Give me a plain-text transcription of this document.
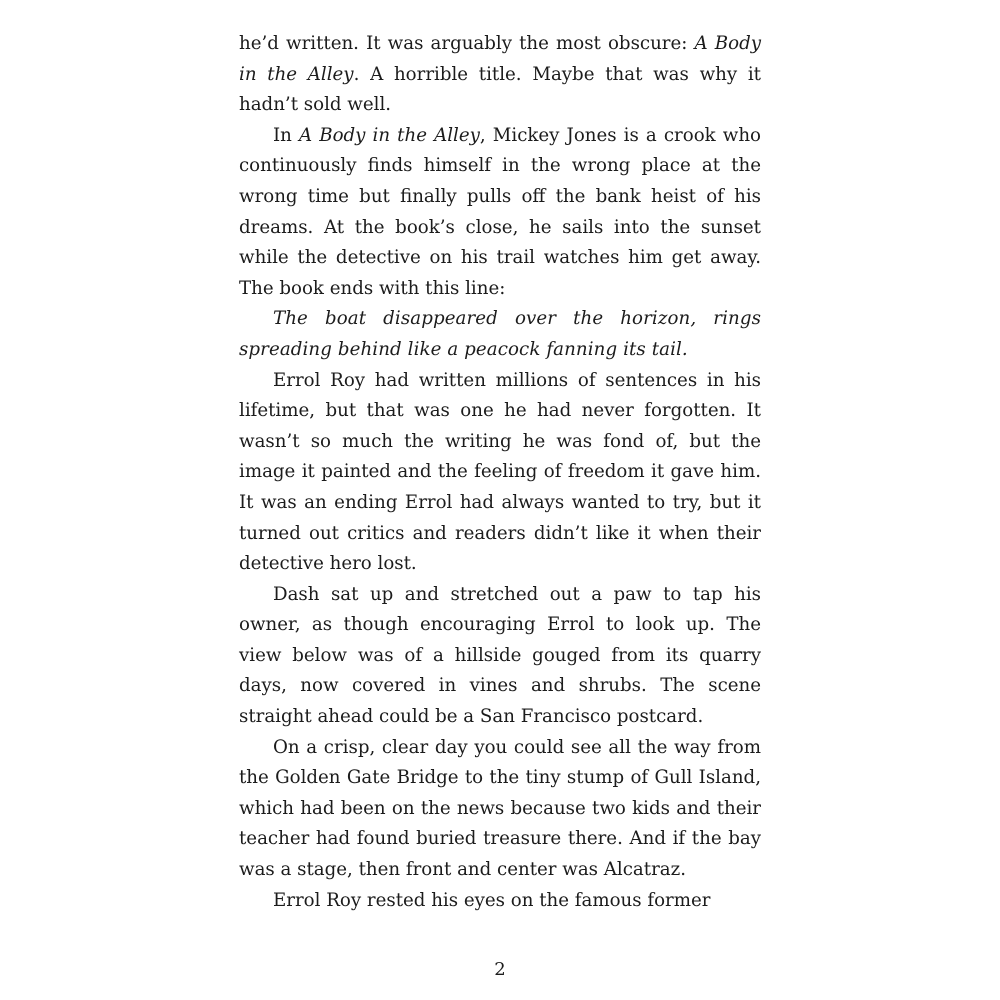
he’d written. It was arguably the most obscure: A Body in the Alley. A horrible title. Maybe that was why it hadn’t sold well.

In A Body in the Alley, Mickey Jones is a crook who continuously finds himself in the wrong place at the wrong time but finally pulls off the bank heist of his dreams. At the book’s close, he sails into the sunset while the detective on his trail watches him get away. The book ends with this line:

The boat disappeared over the horizon, rings spreading behind like a peacock fanning its tail.

Errol Roy had written millions of sentences in his lifetime, but that was one he had never forgotten. It wasn’t so much the writing he was fond of, but the image it painted and the feeling of freedom it gave him. It was an ending Errol had always wanted to try, but it turned out critics and readers didn’t like it when their detective hero lost.

Dash sat up and stretched out a paw to tap his owner, as though encouraging Errol to look up. The view below was of a hillside gouged from its quarry days, now covered in vines and shrubs. The scene straight ahead could be a San Francisco postcard.

On a crisp, clear day you could see all the way from the Golden Gate Bridge to the tiny stump of Gull Island, which had been on the news because two kids and their teacher had found buried treasure there. And if the bay was a stage, then front and center was Alcatraz.

Errol Roy rested his eyes on the famous former

2
